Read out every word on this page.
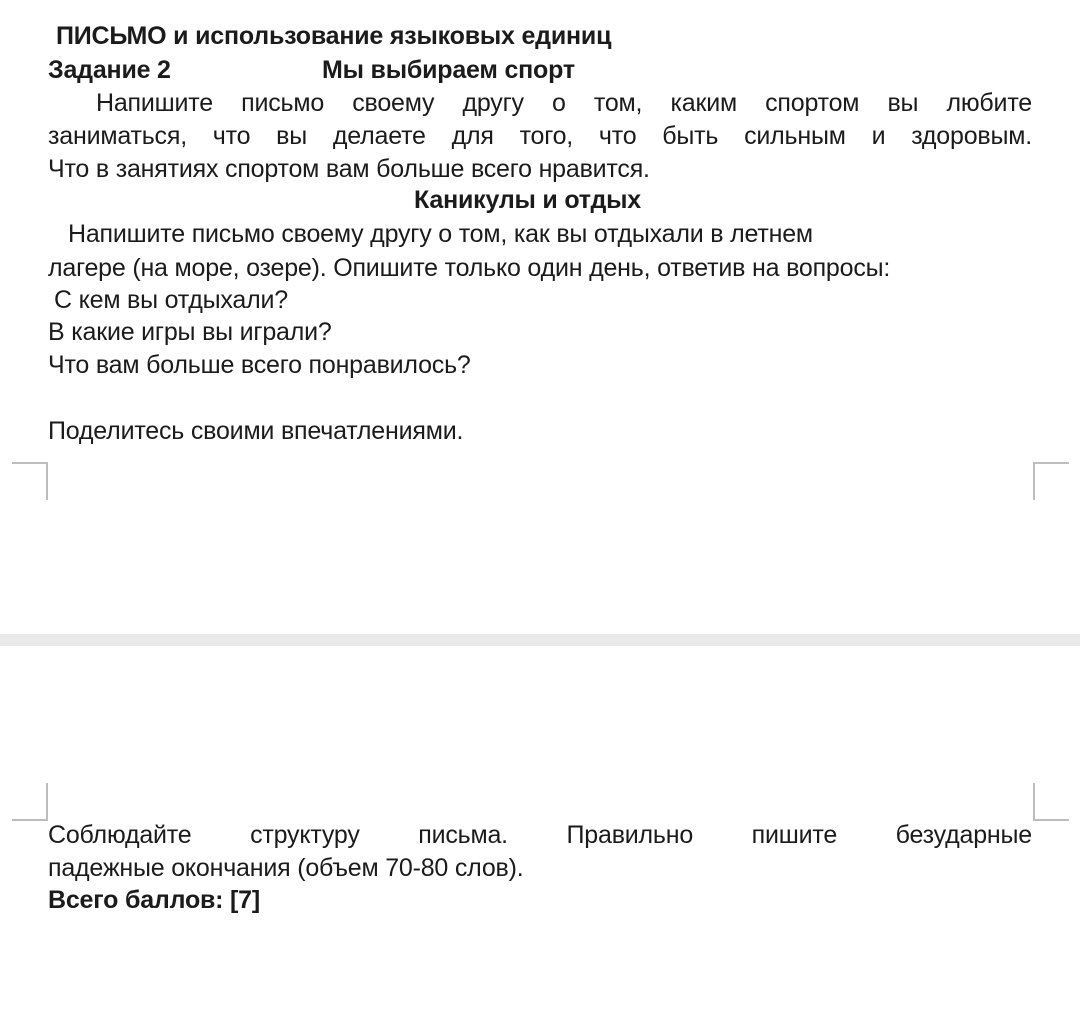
ПИСЬМО и использование языковых единиц
Задание 2	Мы выбираем спорт
Напишите письмо своему другу о том, каким спортом вы любите
заниматься, что вы делаете для того, что быть сильным и здоровым.
Что в занятиях спортом вам больше всего нравится.
Каникулы и отдых
Напишите письмо своему другу о том, как вы отдыхали в летнем
лагере (на море, озере). Опишите только один день, ответив на вопросы:
С кем вы отдыхали?
В какие игры вы играли?
Что вам больше всего понравилось?
Поделитесь своими впечатлениями.
Соблюдайте структуру письма. Правильно пишите безударные
падежные окончания (объем 70-80 слов).
Всего баллов: [7]
